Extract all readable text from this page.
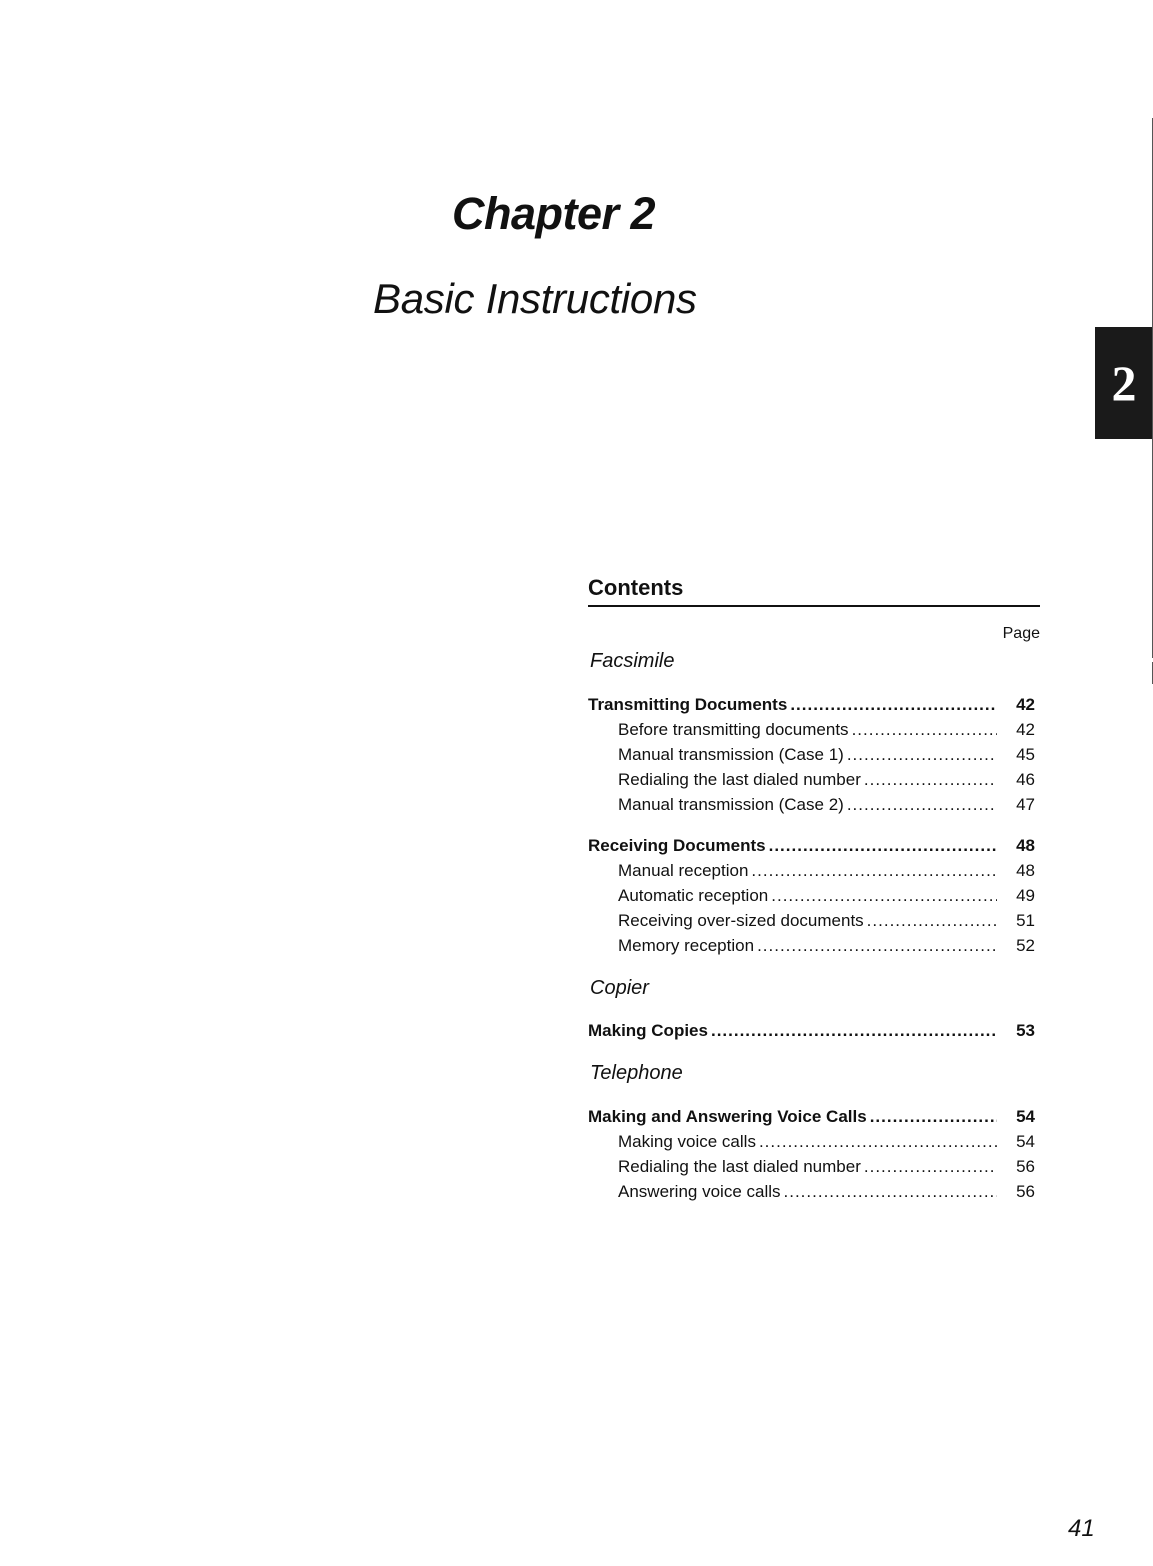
Chapter 2
Basic Instructions
2
Contents
Page
Facsimile
Transmitting Documents .....	42
Before transmitting documents .....	42
Manual transmission (Case 1) .....	45
Redialing the last dialed number .....	46
Manual transmission (Case 2) .....	47
Receiving Documents .....	48
Manual reception .....	48
Automatic reception .....	49
Receiving over-sized documents .....	51
Memory reception .....	52
Copier
Making Copies .....	53
Telephone
Making and Answering Voice Calls .....	54
Making voice calls .....	54
Redialing the last dialed number .....	56
Answering voice calls .....	56
41
